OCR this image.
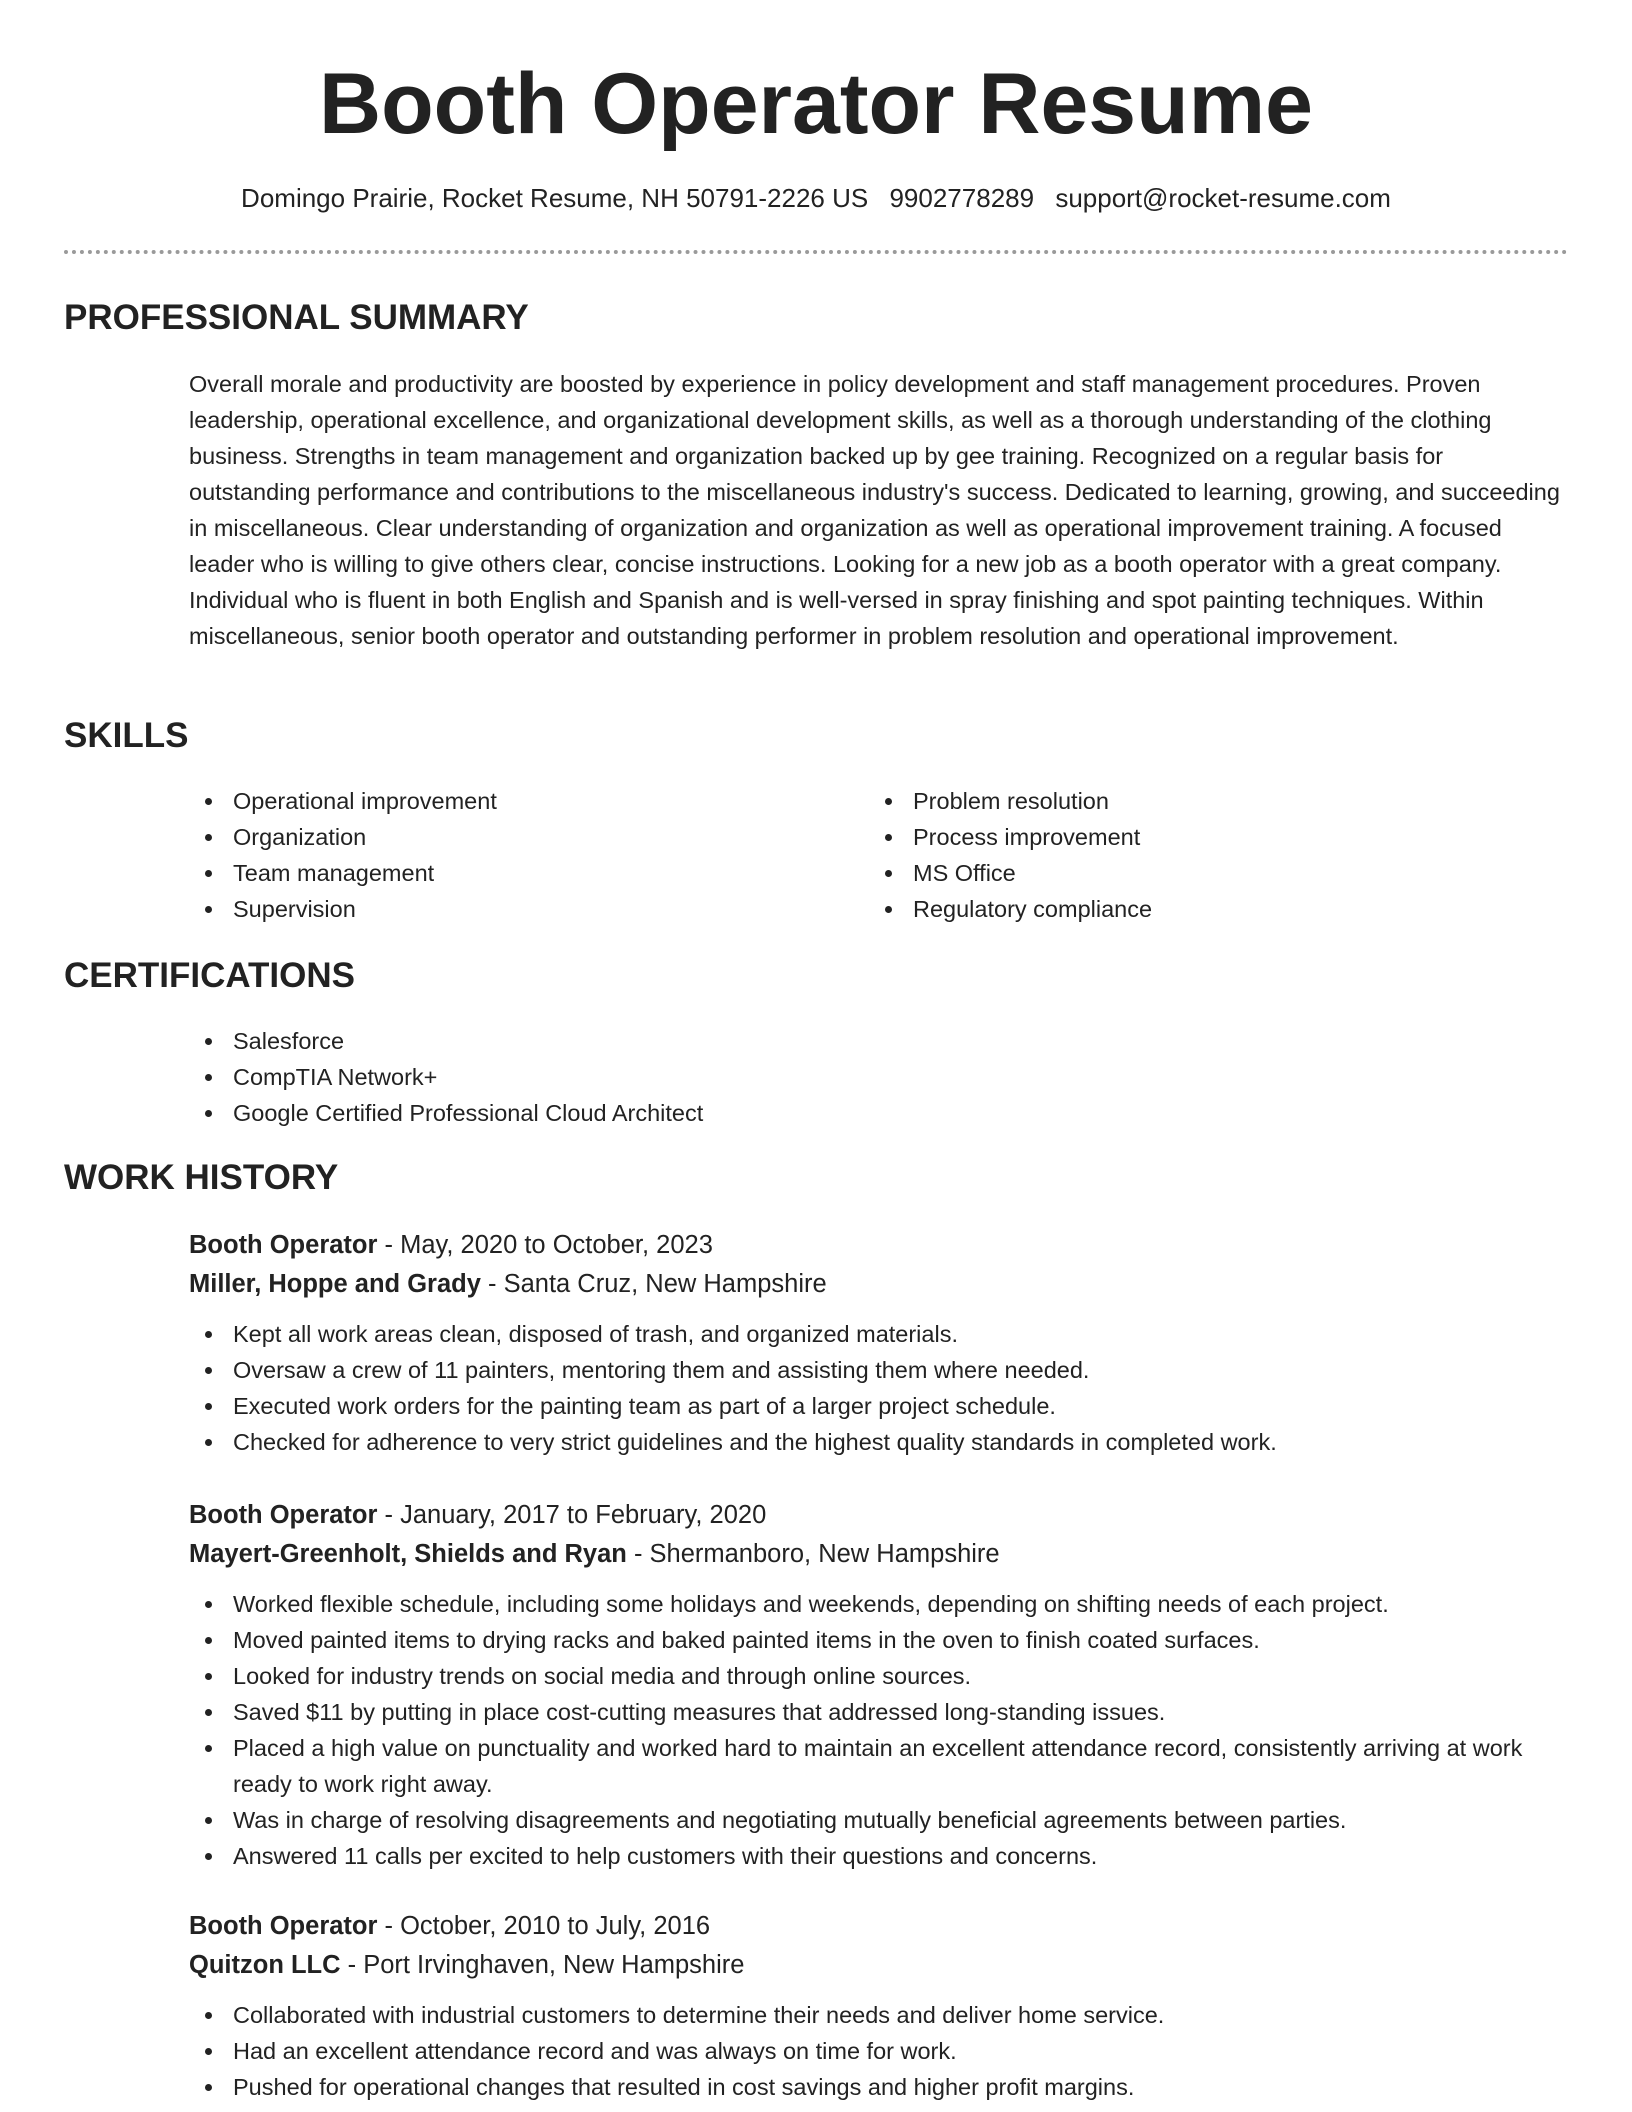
Booth Operator Resume
Domingo Prairie, Rocket Resume, NH 50791-2226 US 9902778289 support@rocket-resume.com
PROFESSIONAL SUMMARY

Overall morale and productivity are boosted by experience in policy development and staff management procedures. Proven leadership, operational excellence, and organizational development skills, as well as a thorough understanding of the clothing business. Strengths in team management and organization backed up by gee training. Recognized on a regular basis for outstanding performance and contributions to the miscellaneous industry's success. Dedicated to learning, growing, and succeeding in miscellaneous. Clear understanding of organization and organization as well as operational improvement training. A focused leader who is willing to give others clear, concise instructions. Looking for a new job as a booth operator with a great company. Individual who is fluent in both English and Spanish and is well-versed in spray finishing and spot painting techniques. Within miscellaneous, senior booth operator and outstanding performer in problem resolution and operational improvement.

SKILLS
Operational improvement
Organization
Team management
Supervision
Problem resolution
Process improvement
MS Office
Regulatory compliance
CERTIFICATIONS
Salesforce
CompTIA Network+
Google Certified Professional Cloud Architect
WORK HISTORY
Booth Operator - May, 2020 to October, 2023
Miller, Hoppe and Grady - Santa Cruz, New Hampshire
Kept all work areas clean, disposed of trash, and organized materials.
Oversaw a crew of 11 painters, mentoring them and assisting them where needed.
Executed work orders for the painting team as part of a larger project schedule.
Checked for adherence to very strict guidelines and the highest quality standards in completed work.
Booth Operator - January, 2017 to February, 2020
Mayert-Greenholt, Shields and Ryan - Shermanboro, New Hampshire
Worked flexible schedule, including some holidays and weekends, depending on shifting needs of each project.
Moved painted items to drying racks and baked painted items in the oven to finish coated surfaces.
Looked for industry trends on social media and through online sources.
Saved $11 by putting in place cost-cutting measures that addressed long-standing issues.
Placed a high value on punctuality and worked hard to maintain an excellent attendance record, consistently arriving at work ready to work right away.
Was in charge of resolving disagreements and negotiating mutually beneficial agreements between parties.
Answered 11 calls per excited to help customers with their questions and concerns.
Booth Operator - October, 2010 to July, 2016
Quitzon LLC - Port Irvinghaven, New Hampshire
Collaborated with industrial customers to determine their needs and deliver home service.
Had an excellent attendance record and was always on time for work.
Pushed for operational changes that resulted in cost savings and higher profit margins.
